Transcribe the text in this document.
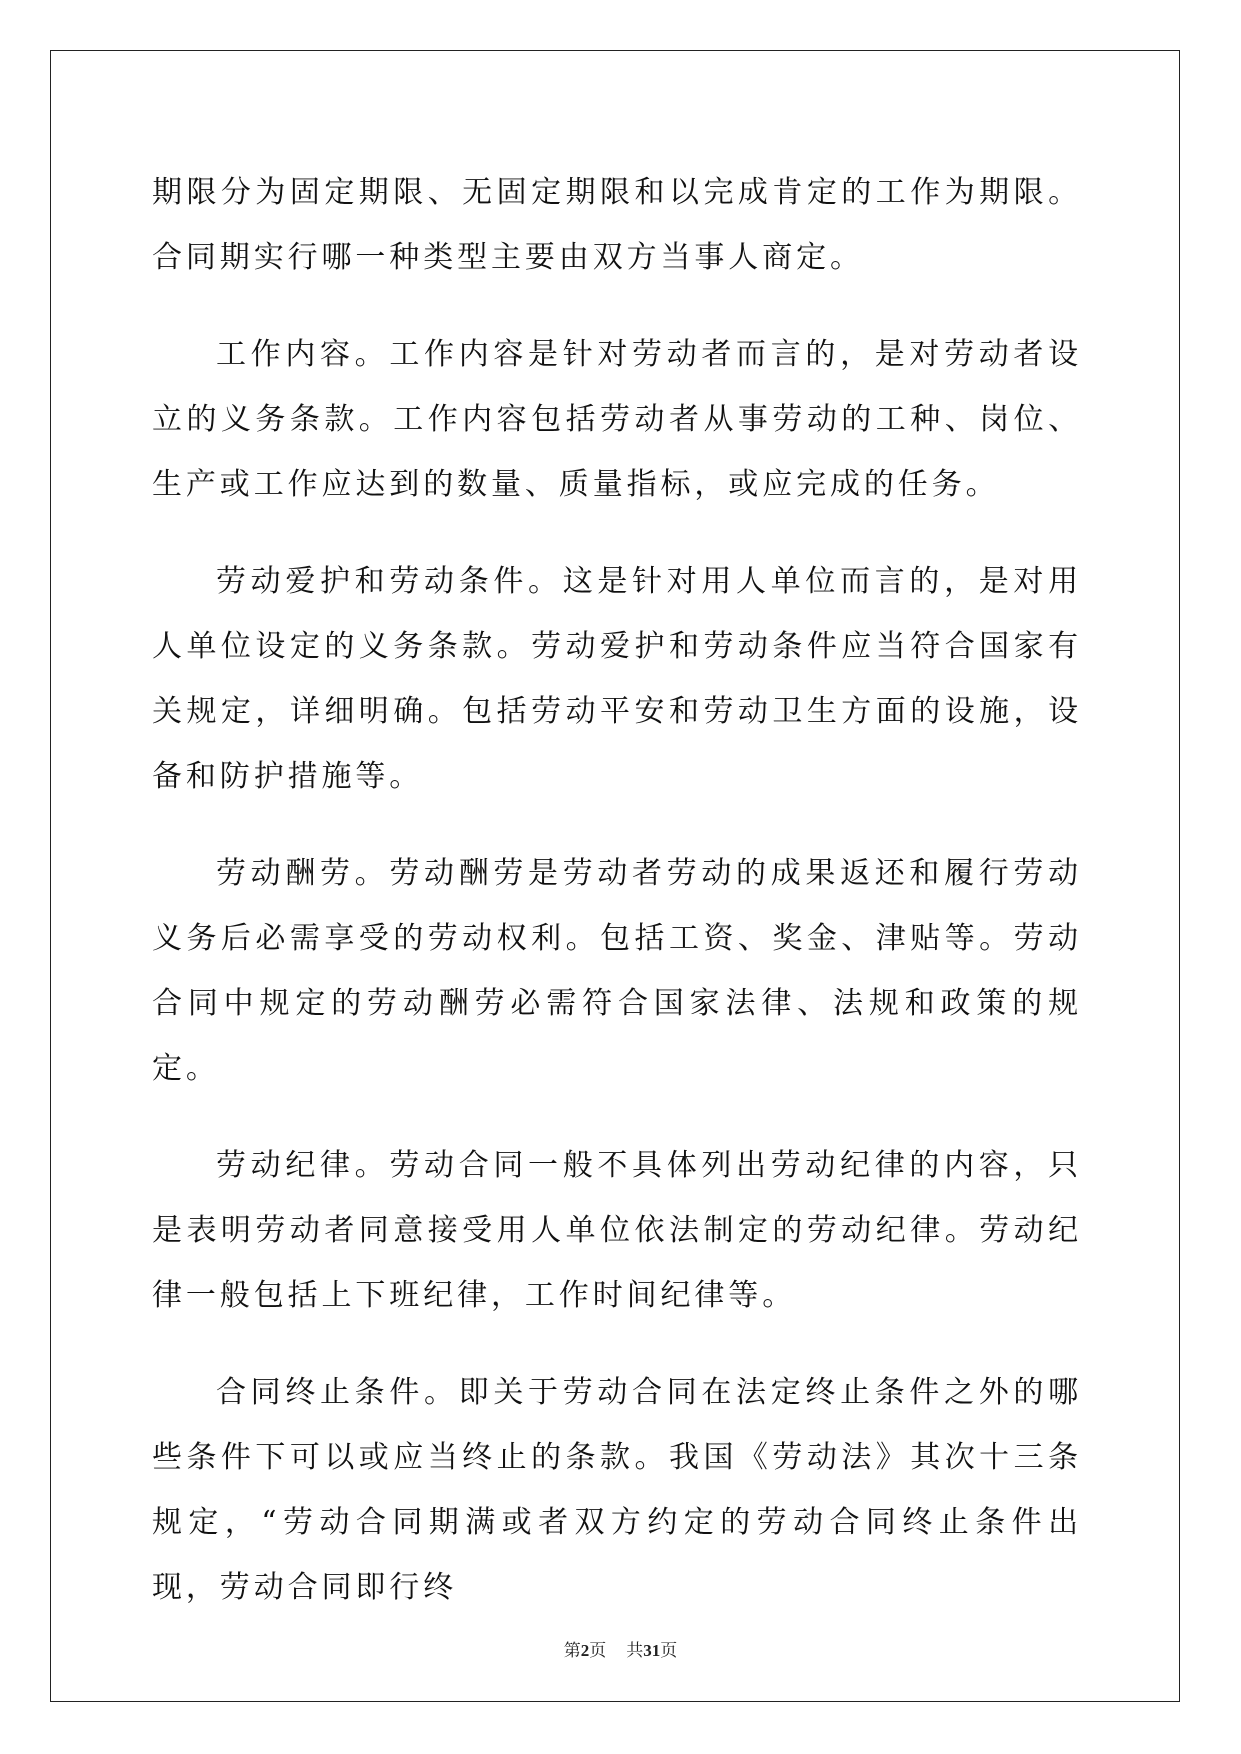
期限分为固定期限、无固定期限和以完成肯定的工作为期限。合同期实行哪一种类型主要由双方当事人商定。

工作内容。工作内容是针对劳动者而言的，是对劳动者设立的义务条款。工作内容包括劳动者从事劳动的工种、岗位、生产或工作应达到的数量、质量指标，或应完成的任务。

劳动爱护和劳动条件。这是针对用人单位而言的，是对用人单位设定的义务条款。劳动爱护和劳动条件应当符合国家有关规定，详细明确。包括劳动平安和劳动卫生方面的设施，设备和防护措施等。

劳动酬劳。劳动酬劳是劳动者劳动的成果返还和履行劳动义务后必需享受的劳动权利。包括工资、奖金、津贴等。劳动合同中规定的劳动酬劳必需符合国家法律、法规和政策的规定。

劳动纪律。劳动合同一般不具体列出劳动纪律的内容，只是表明劳动者同意接受用人单位依法制定的劳动纪律。劳动纪律一般包括上下班纪律，工作时间纪律等。

合同终止条件。即关于劳动合同在法定终止条件之外的哪些条件下可以或应当终止的条款。我国《劳动法》其次十三条规定，“劳动合同期满或者双方约定的劳动合同终止条件出现，劳动合同即行终

第2页 共31页
